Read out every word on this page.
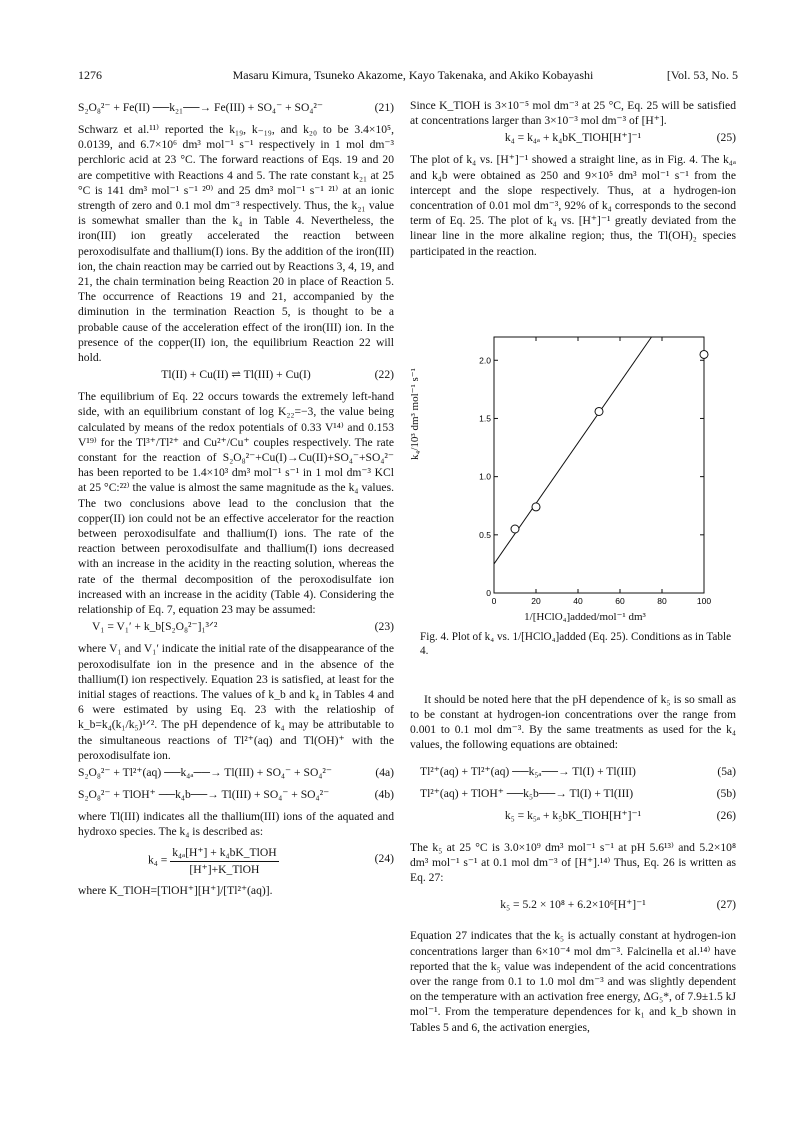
1276	Masaru Kimura, Tsuneko Akazome, Kayo Takenaka, and Akiko Kobayashi	[Vol. 53, No. 5
S₂O₈²⁻ + Fe(II) ──k₂₁──→ Fe(III) + SO₄⁻ + SO₄²⁻	(21)

Schwarz et al.¹¹⁾ reported the k₁₉, k₋₁₉, and k₂₀ to be 3.4×10⁵, 0.0139, and 6.7×10⁶ dm³ mol⁻¹ s⁻¹ respectively in 1 mol dm⁻³ perchloric acid at 23 °C. The forward reactions of Eqs. 19 and 20 are competitive with Reactions 4 and 5. The rate constant k₂₁ at 25 °C is 141 dm³ mol⁻¹ s⁻¹ ²⁰⁾ and 25 dm³ mol⁻¹ s⁻¹ ²¹⁾ at an ionic strength of zero and 0.1 mol dm⁻³ respectively. Thus, the k₂₁ value is somewhat smaller than the k₄ in Table 4. Nevertheless, the iron(III) ion greatly accelerated the reaction between peroxodisulfate and thallium(I) ions. By the addition of the iron(III) ion, the chain reaction may be carried out by Reactions 3, 4, 19, and 21, the chain termination being Reaction 20 in place of Reaction 5. The occurrence of Reactions 19 and 21, accompanied by the diminution in the termination Reaction 5, is thought to be a probable cause of the acceleration effect of the iron(III) ion. In the presence of the copper(II) ion, the equilibrium Reaction 22 will hold.

Tl(II) + Cu(II) ⇌ Tl(III) + Cu(I)	(22)

The equilibrium of Eq. 22 occurs towards the extremely left-hand side, with an equilibrium constant of log K₂₂=−3, the value being calculated by means of the redox potentials of 0.33 V¹⁴⁾ and 0.153 V¹⁹⁾ for the Tl³⁺/Tl²⁺ and Cu²⁺/Cu⁺ couples respectively. The rate constant for the reaction of S₂O₈²⁻+Cu(I)→Cu(II)+SO₄⁻+SO₄²⁻ has been reported to be 1.4×10³ dm³ mol⁻¹ s⁻¹ in 1 mol dm⁻³ KCl at 25 °C:²²⁾ the value is almost the same magnitude as the k₄ values. The two conclusions above lead to the conclusion that the copper(II) ion could not be an effective accelerator for the reaction between peroxodisulfate and thallium(I) ions. The rate of the reaction between peroxodisulfate and thallium(I) ions decreased with an increase in the acidity in the reacting solution, whereas the rate of the thermal decomposition of the peroxodisulfate ion increased with an increase in the acidity (Table 4). Considering the relationship of Eq. 7, equation 23 may be assumed:

V₁ = V₁′ + k_b[S₂O₈²⁻]₁³ᐟ²	(23)

where V₁ and V₁′ indicate the initial rate of the disappearance of the peroxodisulfate ion in the presence and in the absence of the thallium(I) ion respectively. Equation 23 is satisfied, at least for the initial stages of reactions. The values of k_b and k₄ in Tables 4 and 6 were estimated by using Eq. 23 with the relatioship of k_b=k₄(k₁/k₅)¹ᐟ². The pH dependence of k₄ may be attributable to the simultaneous reactions of Tl²⁺(aq) and Tl(OH)⁺ with the peroxodisulfate ion.

S₂O₈²⁻ + Tl²⁺(aq) ──k₄ₐ──→ Tl(III) + SO₄⁻ + SO₄²⁻	(4a)
S₂O₈²⁻ + TlOH⁺ ──k₄b──→ Tl(III) + SO₄⁻ + SO₄²⁻	(4b)

where Tl(III) indicates all the thallium(III) ions of the aquated and hydroxo species. The k₄ is described as:

$k_4 = \frac{\text{k₄ₐ[H⁺] + k₄bK\_TlOH}}{\text{[H⁺]+K\_TlOH}}$	(24)

where K_TlOH=[TlOH⁺][H⁺]/[Tl²⁺(aq)].

Since K_TlOH is 3×10⁻⁵ mol dm⁻³ at 25 °C, Eq. 25 will be satisfied at concentrations larger than 3×10⁻³ mol dm⁻³ of [H⁺].

k₄ = k₄ₐ + k₄bK_TlOH[H⁺]⁻¹	(25)

The plot of k₄ vs. [H⁺]⁻¹ showed a straight line, as in Fig. 4. The k₄ₐ and k₄b were obtained as 250 and 9×10⁵ dm³ mol⁻¹ s⁻¹ from the intercept and the slope respectively. Thus, at a hydrogen-ion concentration of 0.01 mol dm⁻³, 92% of k₄ corresponds to the second term of Eq. 25. The plot of k₄ vs. [H⁺]⁻¹ greatly deviated from the linear line in the more alkaline region; thus, the Tl(OH)₂ species participated in the reaction.

0	20	40	60	80	100
0
0.5
1.0
1.5
2.0
k₄/10³ dm³ mol⁻¹ s⁻¹
1/[HClO₄]added/mol⁻¹ dm³
Fig. 4. Plot of k₄ vs. 1/[HClO₄]added (Eq. 25). Conditions as in Table 4.

It should be noted here that the pH dependence of k₅ is so small as to be constant at hydrogen-ion concentrations over the range from 0.001 to 0.1 mol dm⁻³. By the same treatments as used for the k₄ values, the following equations are obtained:

Tl²⁺(aq) + Tl²⁺(aq) ──k₅ₐ──→ Tl(I) + Tl(III)	(5a)
Tl²⁺(aq) + TlOH⁺ ──k₅b──→ Tl(I) + Tl(III)	(5b)
k₅ = k₅ₐ + k₅bK_TlOH[H⁺]⁻¹	(26)

The k₅ at 25 °C is 3.0×10⁹ dm³ mol⁻¹ s⁻¹ at pH 5.6¹³⁾ and 5.2×10⁸ dm³ mol⁻¹ s⁻¹ at 0.1 mol dm⁻³ of [H⁺].¹⁴⁾ Thus, Eq. 26 is written as Eq. 27:

k₅ = 5.2 × 10⁸ + 6.2×10⁶[H⁺]⁻¹	(27)

Equation 27 indicates that the k₅ is actually constant at hydrogen-ion concentrations larger than 6×10⁻⁴ mol dm⁻³. Falcinella et al.¹⁴⁾ have reported that the k₅ value was independent of the acid concentrations over the range from 0.1 to 1.0 mol dm⁻³ and was slightly dependent on the temperature with an activation free energy, ΔG₅*, of 7.9±1.5 kJ mol⁻¹. From the temperature dependences for k₁ and k_b shown in Tables 5 and 6, the activation energies,
